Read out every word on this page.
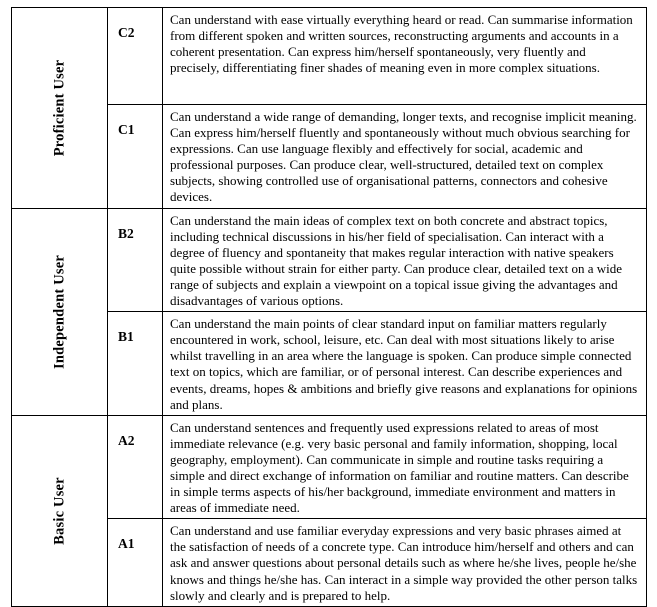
Proficient User	C2	Can understand with ease virtually everything heard or read. Can summarise information from different spoken and written sources, reconstructing arguments and accounts in a coherent presentation. Can express him/herself spontaneously, very fluently and precisely, differentiating finer shades of meaning even in more complex situations.

	C1	Can understand a wide range of demanding, longer texts, and recognise implicit meaning. Can express him/herself fluently and spontaneously without much obvious searching for expressions. Can use language flexibly and effectively for social, academic and professional purposes. Can produce clear, well-structured, detailed text on complex subjects, showing controlled use of organisational patterns, connectors and cohesive devices.

Independent User	B2	Can understand the main ideas of complex text on both concrete and abstract topics, including technical discussions in his/her field of specialisation. Can interact with a degree of fluency and spontaneity that makes regular interaction with native speakers quite possible without strain for either party. Can produce clear, detailed text on a wide range of subjects and explain a viewpoint on a topical issue giving the advantages and disadvantages of various options.

	B1	Can understand the main points of clear standard input on familiar matters regularly encountered in work, school, leisure, etc. Can deal with most situations likely to arise whilst travelling in an area where the language is spoken. Can produce simple connected text on topics, which are familiar, or of personal interest. Can describe experiences and events, dreams, hopes & ambitions and briefly give reasons and explanations for opinions and plans.

Basic User	A2	Can understand sentences and frequently used expressions related to areas of most immediate relevance (e.g. very basic personal and family information, shopping, local geography, employment). Can communicate in simple and routine tasks requiring a simple and direct exchange of information on familiar and routine matters. Can describe in simple terms aspects of his/her background, immediate environment and matters in areas of immediate need.

	A1	Can understand and use familiar everyday expressions and very basic phrases aimed at the satisfaction of needs of a concrete type. Can introduce him/herself and others and can ask and answer questions about personal details such as where he/she lives, people he/she knows and things he/she has. Can interact in a simple way provided the other person talks slowly and clearly and is prepared to help.
